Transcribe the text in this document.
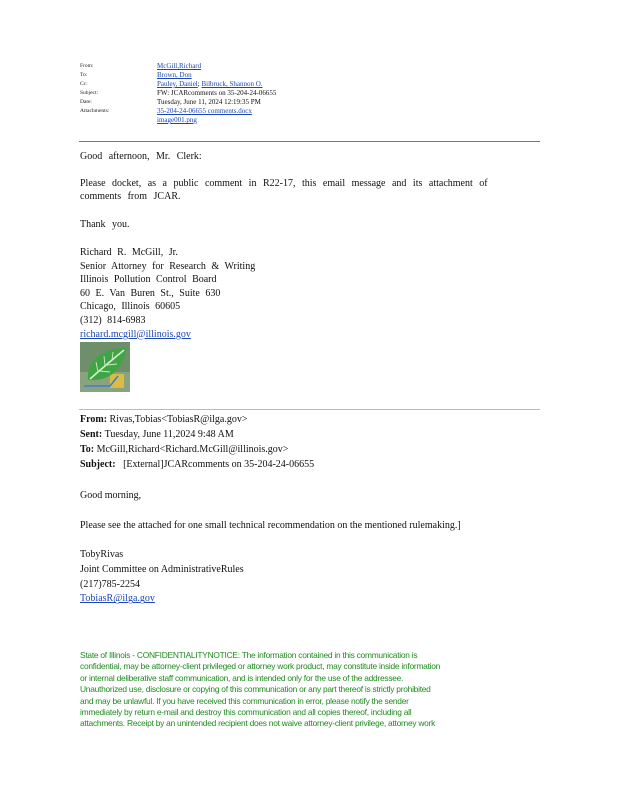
From:	McGill,Richard
To:	Brown, Don
Cc:	Pauley, Daniel; Bilbruck, Shannon O.
Subject:	FW: JCARcomments on 35-204-24-06655
Date:	Tuesday, June 11, 2024 12:19:35 PM
Attachments:	35-204-24-06655 comments.docx
image001.png
Good afternoon, Mr. Clerk:
Please docket, as a public comment in R22-17, this email message and its attachment of
comments from JCAR.
Thank you.
Richard R. McGill, Jr.
Senior Attorney for Research & Writing
Illinois Pollution Control Board
60 E. Van Buren St., Suite 630
Chicago, Illinois 60605
(312) 814-6983
richard.mcgill@illinois.gov
From: Rivas,Tobias<TobiasR@ilga.gov>
Sent: Tuesday, June 11,2024 9:48 AM
To: McGill,Richard<Richard.McGill@illinois.gov>
Subject: [External]JCARcomments on 35-204-24-06655
Good morning,
Please see the attached for one small technical recommendation on the mentioned rulemaking.]
TobyRivas
Joint Committee on AdministrativeRules
(217)785-2254
TobiasR@ilga.gov
State of Illinois - CONFIDENTIALITYNOTICE: The information contained in this communication is
confidential, may be attorney-client privileged or attorney work product, may constitute inside information
or internal deliberative staff communication, and is intended only for the use of the addressee.
Unauthorized use, disclosure or copying of this communication or any part thereof is strictly prohibited
and may be unlawful. If you have received this communication in error, please notify the sender
immediately by return e-mail and destroy this communication and all copies thereof, including all
attachments. Receipt by an unintended recipient does not waive attorney-client privilege, attorney work
